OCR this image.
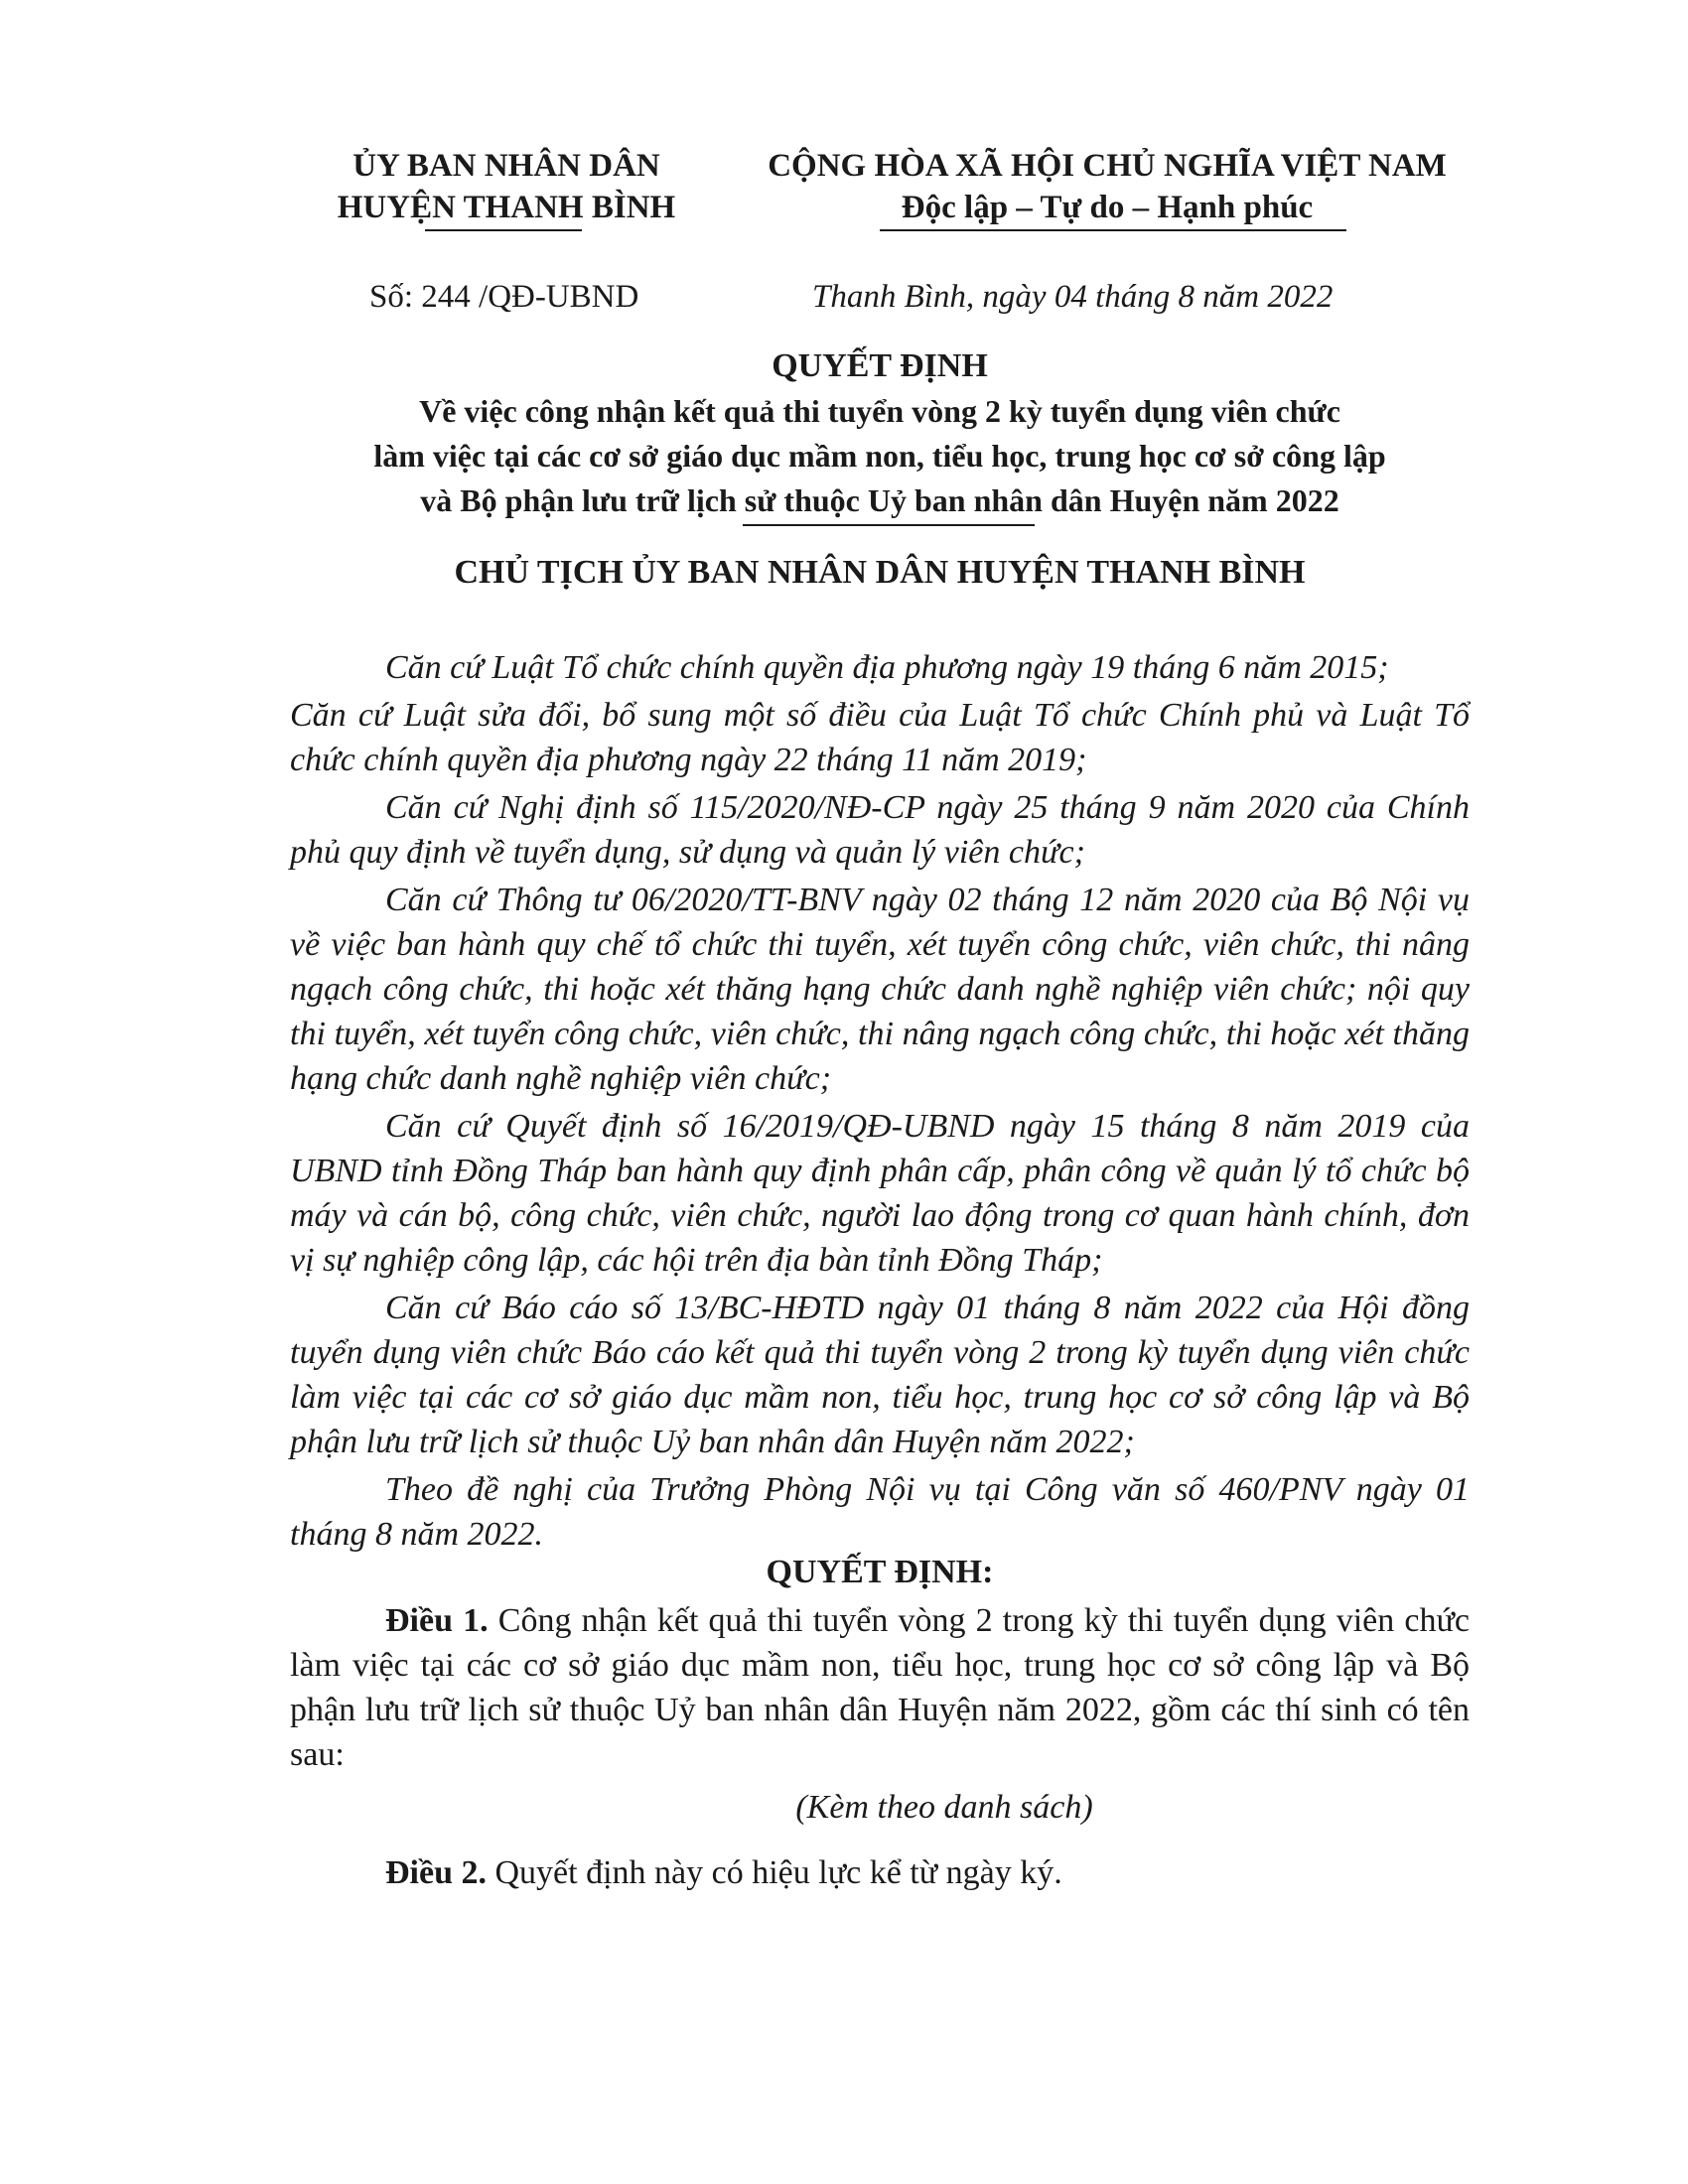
ỦY BAN NHÂN DÂN
HUYỆN THANH BÌNH
CỘNG HÒA XÃ HỘI CHỦ NGHĨA VIỆT NAM
Độc lập – Tự do – Hạnh phúc
Số: 244 /QĐ-UBND	Thanh Bình, ngày 04 tháng 8 năm 2022
QUYẾT ĐỊNH
Về việc công nhận kết quả thi tuyển vòng 2 kỳ tuyển dụng viên chức
làm việc tại các cơ sở giáo dục mầm non, tiểu học, trung học cơ sở công lập
và Bộ phận lưu trữ lịch sử thuộc Uỷ ban nhân dân Huyện năm 2022
CHỦ TỊCH ỦY BAN NHÂN DÂN HUYỆN THANH BÌNH

Căn cứ Luật Tổ chức chính quyền địa phương ngày 19 tháng 6 năm 2015;

Căn cứ Luật sửa đổi, bổ sung một số điều của Luật Tổ chức Chính phủ và Luật Tổ chức chính quyền địa phương ngày 22 tháng 11 năm 2019;

Căn cứ Nghị định số 115/2020/NĐ-CP ngày 25 tháng 9 năm 2020 của Chính phủ quy định về tuyển dụng, sử dụng và quản lý viên chức;

Căn cứ Thông tư 06/2020/TT-BNV ngày 02 tháng 12 năm 2020 của Bộ Nội vụ về việc ban hành quy chế tổ chức thi tuyển, xét tuyển công chức, viên chức, thi nâng ngạch công chức, thi hoặc xét thăng hạng chức danh nghề nghiệp viên chức; nội quy thi tuyển, xét tuyển công chức, viên chức, thi nâng ngạch công chức, thi hoặc xét thăng hạng chức danh nghề nghiệp viên chức;

Căn cứ Quyết định số 16/2019/QĐ-UBND ngày 15 tháng 8 năm 2019 của UBND tỉnh Đồng Tháp ban hành quy định phân cấp, phân công về quản lý tổ chức bộ máy và cán bộ, công chức, viên chức, người lao động trong cơ quan hành chính, đơn vị sự nghiệp công lập, các hội trên địa bàn tỉnh Đồng Tháp;

Căn cứ Báo cáo số 13/BC-HĐTD ngày 01 tháng 8 năm 2022 của Hội đồng tuyển dụng viên chức Báo cáo kết quả thi tuyển vòng 2 trong kỳ tuyển dụng viên chức làm việc tại các cơ sở giáo dục mầm non, tiểu học, trung học cơ sở công lập và Bộ phận lưu trữ lịch sử thuộc Uỷ ban nhân dân Huyện năm 2022;

Theo đề nghị của Trưởng Phòng Nội vụ tại Công văn số 460/PNV ngày 01 tháng 8 năm 2022.

QUYẾT ĐỊNH:

Điều 1. Công nhận kết quả thi tuyển vòng 2 trong kỳ thi tuyển dụng viên chức làm việc tại các cơ sở giáo dục mầm non, tiểu học, trung học cơ sở công lập và Bộ phận lưu trữ lịch sử thuộc Uỷ ban nhân dân Huyện năm 2022, gồm các thí sinh có tên sau:

(Kèm theo danh sách)

Điều 2. Quyết định này có hiệu lực kể từ ngày ký.
